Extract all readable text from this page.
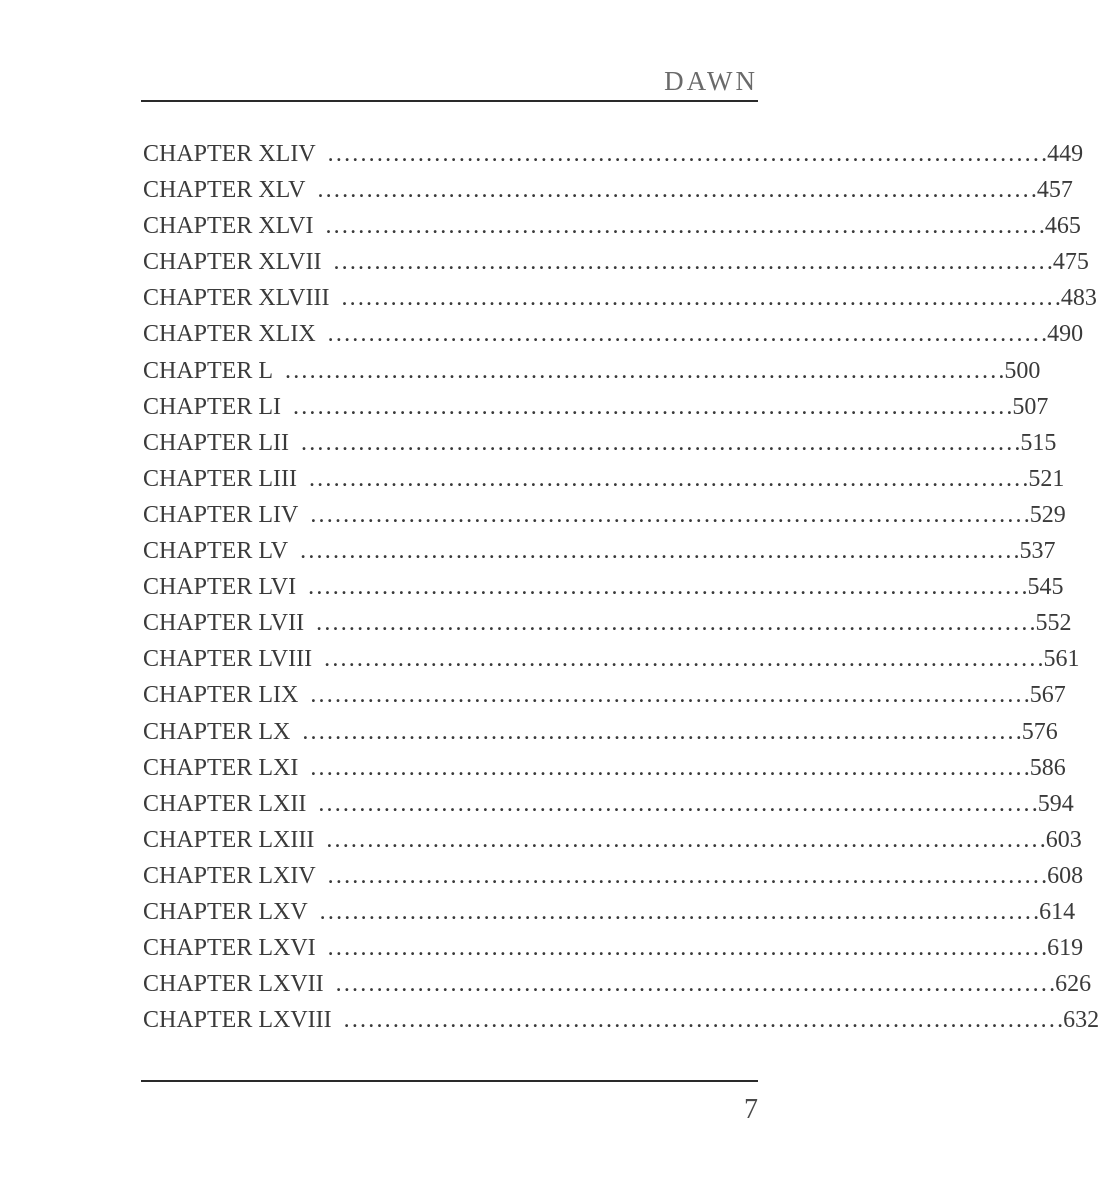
DAWN
CHAPTER XLIV ....................................................................................... .449
CHAPTER XLV ....................................................................................... .457
CHAPTER XLVI ....................................................................................... .465
CHAPTER XLVII ....................................................................................... .475
CHAPTER XLVIII ....................................................................................... .483
CHAPTER XLIX ....................................................................................... .490
CHAPTER L ....................................................................................... .500
CHAPTER LI ....................................................................................... .507
CHAPTER LII ....................................................................................... .515
CHAPTER LIII ....................................................................................... .521
CHAPTER LIV ....................................................................................... .529
CHAPTER LV ....................................................................................... .537
CHAPTER LVI ....................................................................................... .545
CHAPTER LVII ....................................................................................... .552
CHAPTER LVIII ....................................................................................... .561
CHAPTER LIX ....................................................................................... .567
CHAPTER LX ....................................................................................... .576
CHAPTER LXI ....................................................................................... .586
CHAPTER LXII ....................................................................................... .594
CHAPTER LXIII ....................................................................................... .603
CHAPTER LXIV ....................................................................................... .608
CHAPTER LXV ....................................................................................... .614
CHAPTER LXVI ....................................................................................... .619
CHAPTER LXVII ....................................................................................... .626
CHAPTER LXVIII ....................................................................................... .632
7
